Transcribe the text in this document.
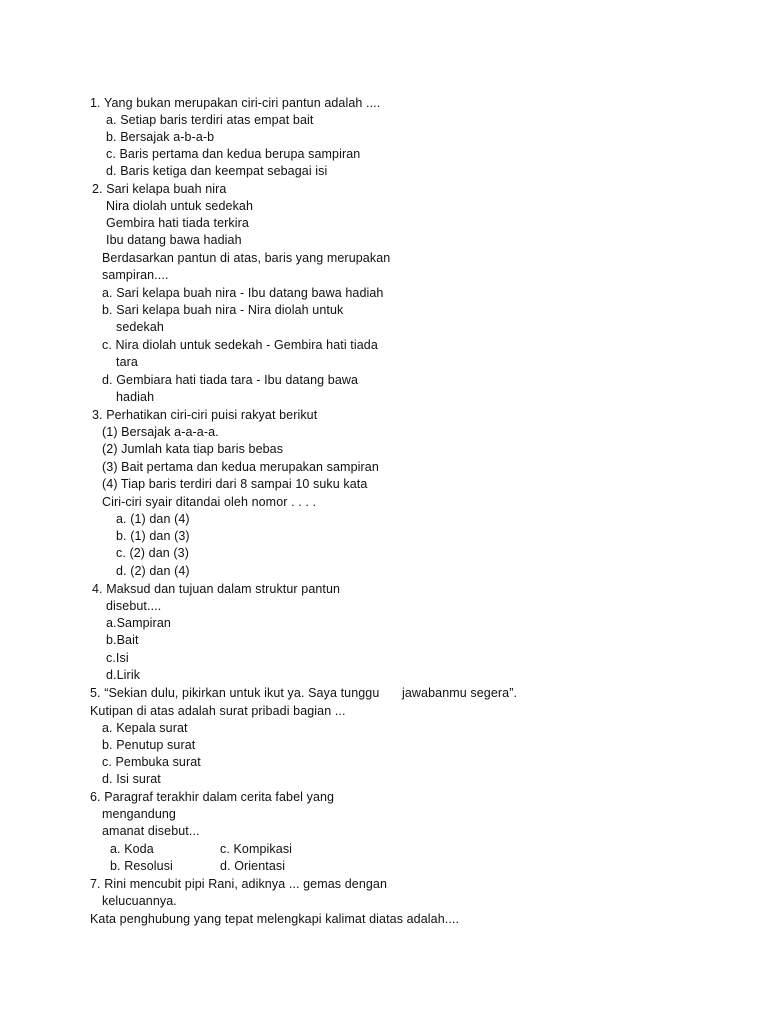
1. Yang bukan merupakan ciri-ciri pantun adalah ....
a. Setiap baris terdiri atas empat bait
b. Bersajak a-b-a-b
c. Baris pertama dan kedua berupa sampiran
d. Baris ketiga dan keempat sebagai isi
2. Sari kelapa buah nira
Nira diolah untuk sedekah
Gembira hati tiada terkira
Ibu datang bawa hadiah
Berdasarkan pantun di atas, baris yang merupakan
sampiran....
a. Sari kelapa buah nira - Ibu datang bawa hadiah
b. Sari kelapa buah nira - Nira diolah untuk
sedekah
c. Nira diolah untuk sedekah - Gembira hati tiada
tara
d. Gembiara hati tiada tara - Ibu datang bawa
hadiah
3. Perhatikan ciri-ciri puisi rakyat berikut
(1) Bersajak a-a-a-a.
(2) Jumlah kata tiap baris bebas
(3) Bait pertama dan kedua merupakan sampiran
(4) Tiap baris terdiri dari 8 sampai 10 suku kata
Ciri-ciri syair ditandai oleh nomor . . . .
a. (1) dan (4)
b. (1) dan (3)
c. (2) dan (3)
d. (2) dan (4)
4. Maksud dan tujuan dalam struktur pantun
disebut....
a.Sampiran
b.Bait
c.Isi
d.Lirik
5. “Sekian dulu, pikirkan untuk ikut ya. Saya tunggu jawabanmu segera”.
Kutipan di atas adalah surat pribadi bagian ...
a. Kepala surat
b. Penutup surat
c. Pembuka surat
d. Isi surat
6. Paragraf terakhir dalam cerita fabel yang
mengandung
amanat disebut...
a. Koda	c. Kompikasi
b. Resolusi	d. Orientasi
7. Rini mencubit pipi Rani, adiknya ... gemas dengan
kelucuannya.
Kata penghubung yang tepat melengkapi kalimat diatas adalah....
